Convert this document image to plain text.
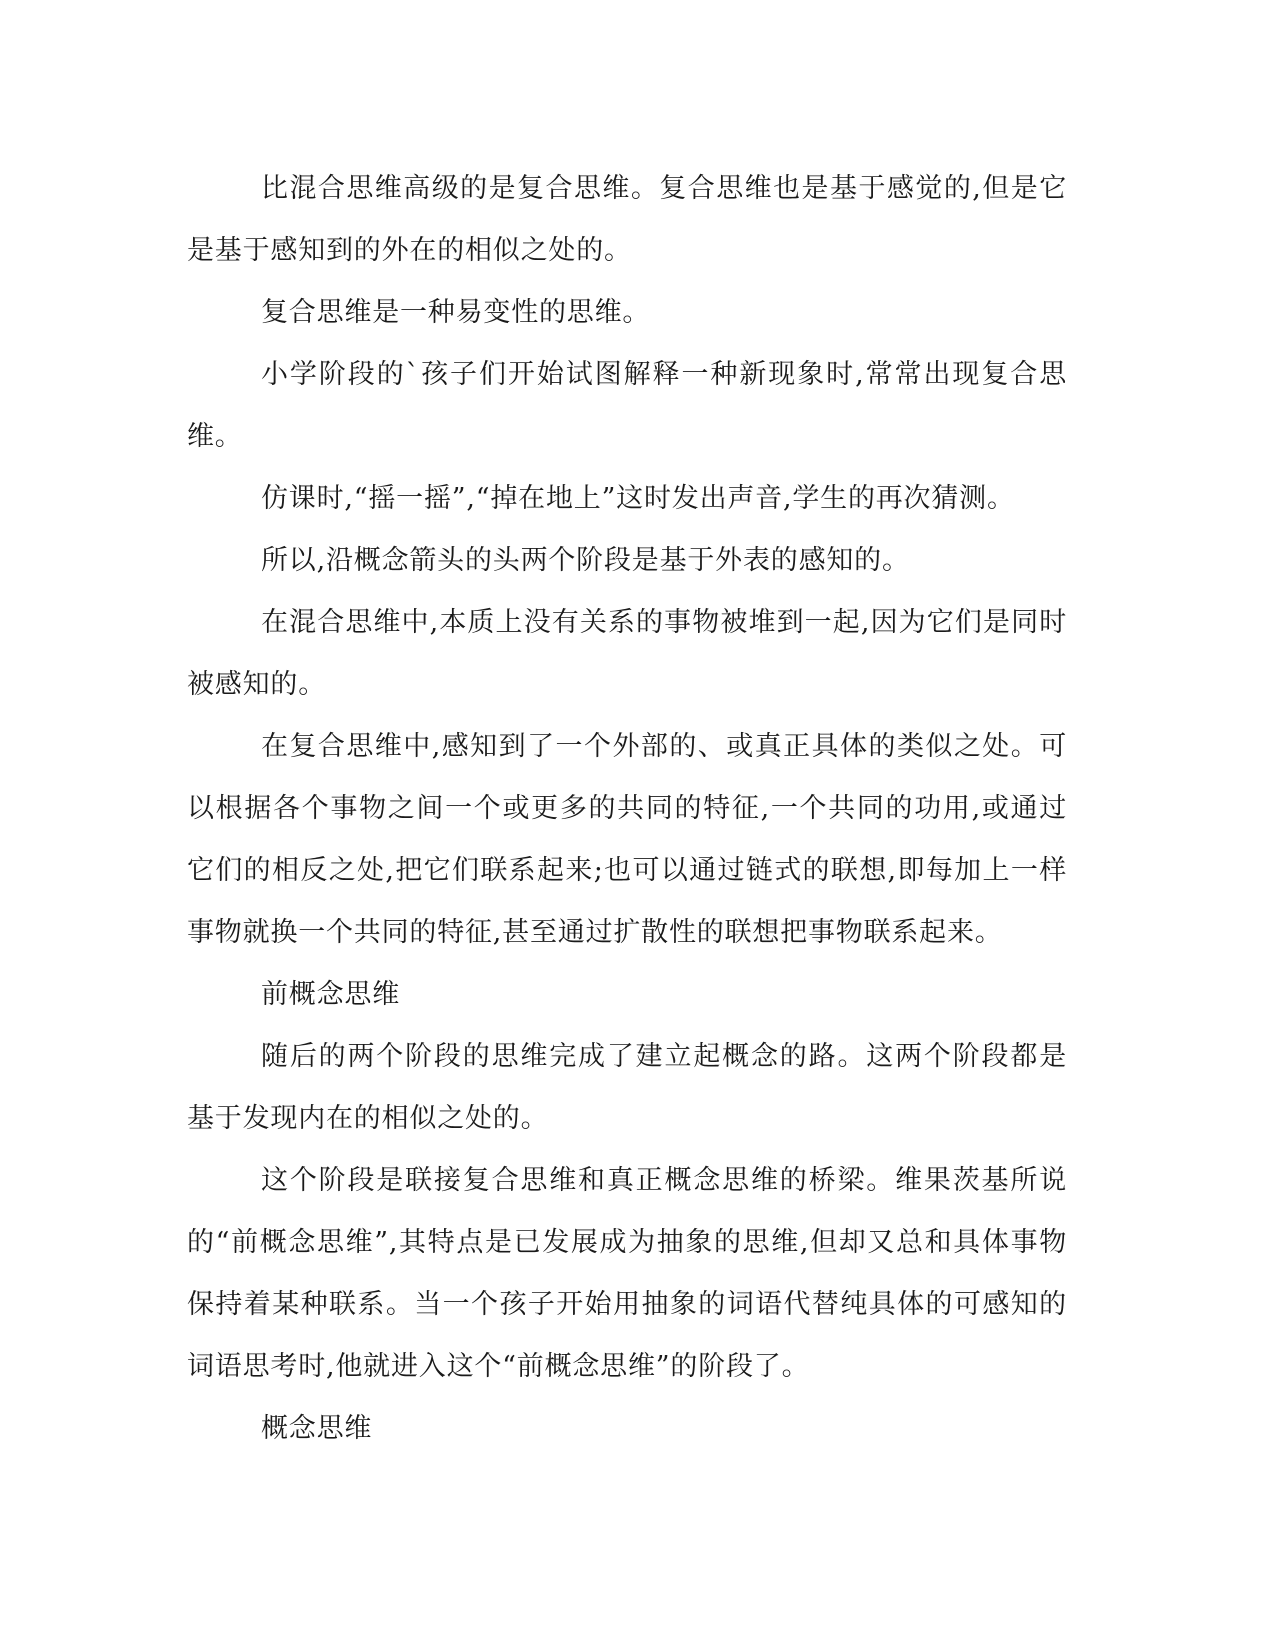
比混合思维高级的是复合思维。复合思维也是基于感觉的,但是它是基于感知到的外在的相似之处的。

复合思维是一种易变性的思维。

小学阶段的`孩子们开始试图解释一种新现象时,常常出现复合思维。

仿课时,“摇一摇”,“掉在地上”这时发出声音,学生的再次猜测。

所以,沿概念箭头的头两个阶段是基于外表的感知的。

在混合思维中,本质上没有关系的事物被堆到一起,因为它们是同时被感知的。

在复合思维中,感知到了一个外部的、或真正具体的类似之处。可以根据各个事物之间一个或更多的共同的特征,一个共同的功用,或通过它们的相反之处,把它们联系起来;也可以通过链式的联想,即每加上一样事物就换一个共同的特征,甚至通过扩散性的联想把事物联系起来。

前概念思维

随后的两个阶段的思维完成了建立起概念的路。这两个阶段都是基于发现内在的相似之处的。

这个阶段是联接复合思维和真正概念思维的桥梁。维果茨基所说的“前概念思维”,其特点是已发展成为抽象的思维,但却又总和具体事物保持着某种联系。当一个孩子开始用抽象的词语代替纯具体的可感知的词语思考时,他就进入这个“前概念思维”的阶段了。

概念思维
